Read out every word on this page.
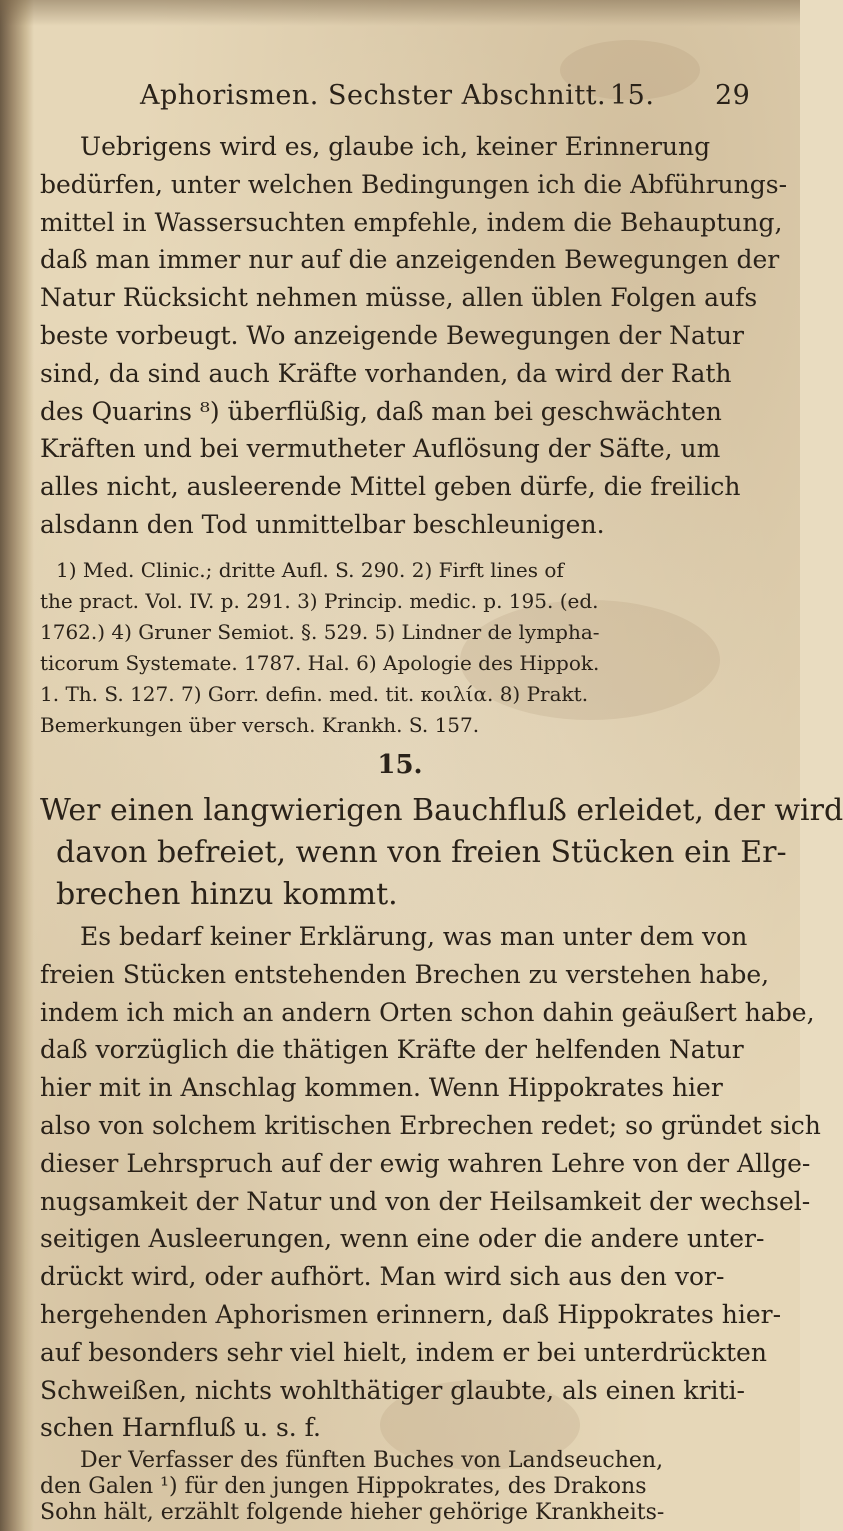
Aphorismen. Sechster Abschnitt. 15. 29
Uebrigens wird es, glaube ich, keiner Erinnerung
bedürfen, unter welchen Bedingungen ich die Abführungs-
mittel in Wassersuchten empfehle, indem die Behauptung,
daß man immer nur auf die anzeigenden Bewegungen der
Natur Rücksicht nehmen müsse, allen üblen Folgen aufs
beste vorbeugt. Wo anzeigende Bewegungen der Natur
sind, da sind auch Kräfte vorhanden, da wird der Rath
des Quarins ⁸) überflüßig, daß man bei geschwächten
Kräften und bei vermutheter Auflösung der Säfte, um
alles nicht, ausleerende Mittel geben dürfe, die freilich
alsdann den Tod unmittelbar beschleunigen.
1) Med. Clinic.; dritte Aufl. S. 290. 2) Firft lines of
the pract. Vol. IV. p. 291. 3) Princip. medic. p. 195. (ed.
1762.) 4) Gruner Semiot. §. 529. 5) Lindner de lympha-
ticorum Systemate. 1787. Hal. 6) Apologie des Hippok.
1. Th. S. 127. 7) Gorr. defin. med. tit. κοιλία. 8) Prakt.
Bemerkungen über versch. Krankh. S. 157.
15.
Wer einen langwierigen Bauchfluß erleidet, der wird
davon befreiet, wenn von freien Stücken ein Er-
brechen hinzu kommt.
Es bedarf keiner Erklärung, was man unter dem von
freien Stücken entstehenden Brechen zu verstehen habe,
indem ich mich an andern Orten schon dahin geäußert habe,
daß vorzüglich die thätigen Kräfte der helfenden Natur
hier mit in Anschlag kommen. Wenn Hippokrates hier
also von solchem kritischen Erbrechen redet; so gründet sich
dieser Lehrspruch auf der ewig wahren Lehre von der Allge-
nugsamkeit der Natur und von der Heilsamkeit der wechsel-
seitigen Ausleerungen, wenn eine oder die andere unter-
drückt wird, oder aufhört. Man wird sich aus den vor-
hergehenden Aphorismen erinnern, daß Hippokrates hier-
auf besonders sehr viel hielt, indem er bei unterdrückten
Schweißen, nichts wohlthätiger glaubte, als einen kriti-
schen Harnfluß u. s. f.
Der Verfasser des fünften Buches von Landseuchen,
den Galen ¹) für den jungen Hippokrates, des Drakons
Sohn hält, erzählt folgende hieher gehörige Krankheits-
